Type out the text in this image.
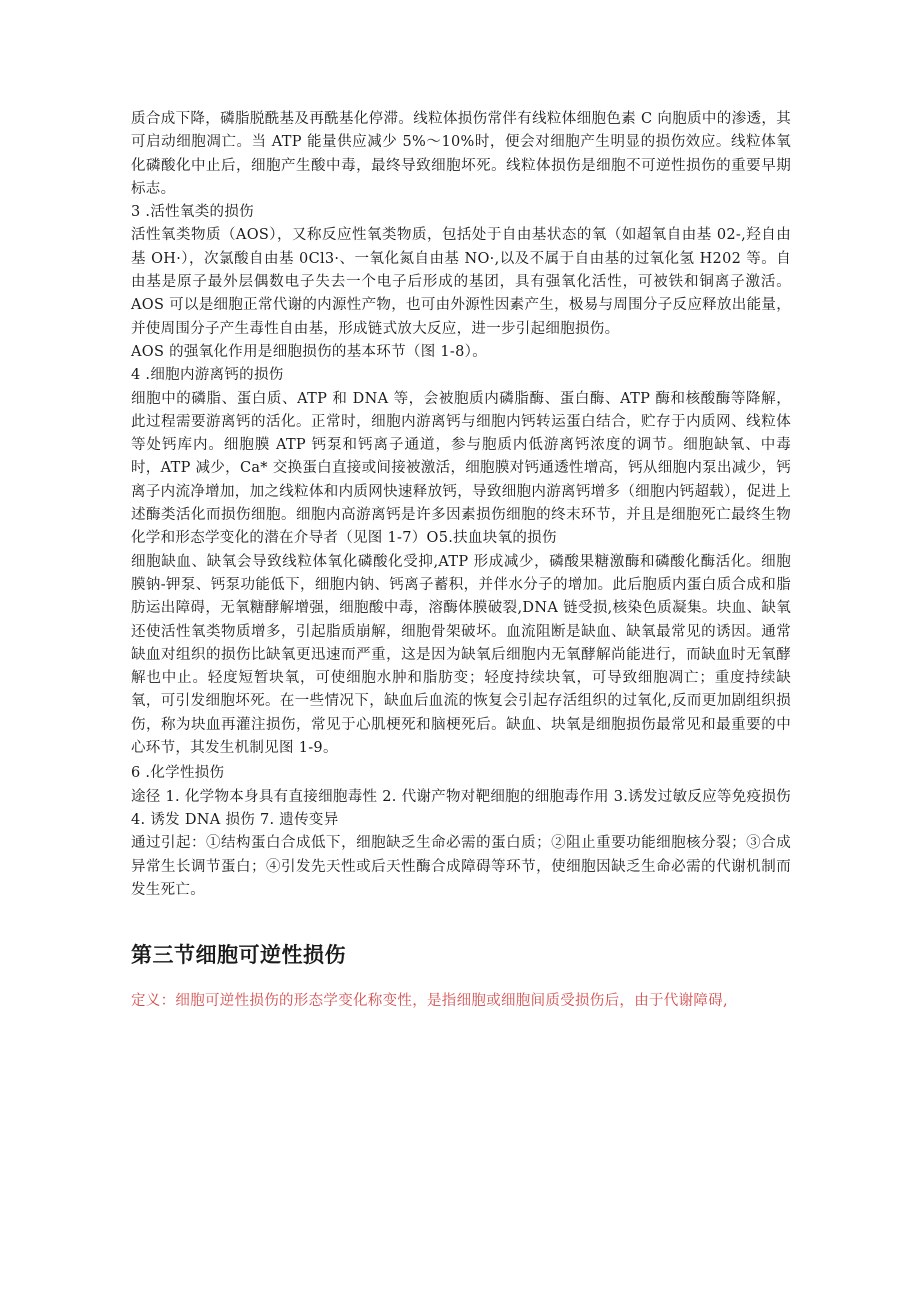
质合成下降，磷脂脱酰基及再酰基化停滞。线粒体损伤常伴有线粒体细胞色素 C 向胞质中的渗透，其可启动细胞凋亡。当 ATP 能量供应减少 5%～10%时，便会对细胞产生明显的损伤效应。线粒体氧化磷酸化中止后，细胞产生酸中毒，最终导致细胞坏死。线粒体损伤是细胞不可逆性损伤的重要早期标志。

3 .活性氧类的损伤

活性氧类物质（AOS），又称反应性氧类物质，包括处于自由基状态的氧（如超氧自由基 02-,羟自由基 OH·），次氯酸自由基 0Cl3·、一氧化氮自由基 NO·,以及不属于自由基的过氧化氢 H202 等。自由基是原子最外层偶数电子失去一个电子后形成的基团，具有强氧化活性，可被铁和铜离子激活。AOS 可以是细胞正常代谢的内源性产物，也可由外源性因素产生，极易与周围分子反应释放出能量，并使周围分子产生毒性自由基，形成链式放大反应，进一步引起细胞损伤。

AOS 的强氧化作用是细胞损伤的基本环节（图 1-8）。

4 .细胞内游离钙的损伤

细胞中的磷脂、蛋白质、ATP 和 DNA 等，会被胞质内磷脂酶、蛋白酶、ATP 酶和核酸酶等降解，此过程需要游离钙的活化。正常时，细胞内游离钙与细胞内钙转运蛋白结合，贮存于内质网、线粒体等处钙库内。细胞膜 ATP 钙泵和钙离子通道，参与胞质内低游离钙浓度的调节。细胞缺氧、中毒时，ATP 减少，Ca* 交换蛋白直接或间接被激活，细胞膜对钙通透性增高，钙从细胞内泵出减少，钙离子内流净增加，加之线粒体和内质网快速释放钙，导致细胞内游离钙增多（细胞内钙超载），促进上述酶类活化而损伤细胞。细胞内高游离钙是许多因素损伤细胞的终末环节，并且是细胞死亡最终生物化学和形态学变化的潜在介导者（见图 1-7）O5.扶血块氧的损伤

细胞缺血、缺氧会导致线粒体氧化磷酸化受抑,ATP 形成减少，磷酸果糖激酶和磷酸化酶活化。细胞膜钠-钾泵、钙泵功能低下，细胞内钠、钙离子蓄积，并伴水分子的增加。此后胞质内蛋白质合成和脂肪运出障碍，无氧糖酵解增强，细胞酸中毒，溶酶体膜破裂,DNA 链受损,核染色质凝集。块血、缺氧还使活性氧类物质增多，引起脂质崩解，细胞骨架破坏。血流阻断是缺血、缺氧最常见的诱因。通常缺血对组织的损伤比缺氧更迅速而严重，这是因为缺氧后细胞内无氧酵解尚能进行，而缺血时无氧酵解也中止。轻度短暂块氧，可使细胞水肿和脂肪变；轻度持续块氧，可导致细胞凋亡；重度持续缺氧，可引发细胞坏死。在一些情况下，缺血后血流的恢复会引起存活组织的过氧化,反而更加剧组织损伤，称为块血再灌注损伤，常见于心肌梗死和脑梗死后。缺血、块氧是细胞损伤最常见和最重要的中心环节，其发生机制见图 1-9。

6 .化学性损伤

途径 1. 化学物本身具有直接细胞毒性 2. 代谢产物对靶细胞的细胞毒作用 3.诱发过敏反应等免疫损伤 4. 诱发 DNA 损伤 7. 遗传变异

通过引起：①结构蛋白合成低下，细胞缺乏生命必需的蛋白质；②阻止重要功能细胞核分裂；③合成异常生长调节蛋白；④引发先天性或后天性酶合成障碍等环节，使细胞因缺乏生命必需的代谢机制而发生死亡。

第三节细胞可逆性损伤

定义：细胞可逆性损伤的形态学变化称变性，是指细胞或细胞间质受损伤后，由于代谢障碍,
